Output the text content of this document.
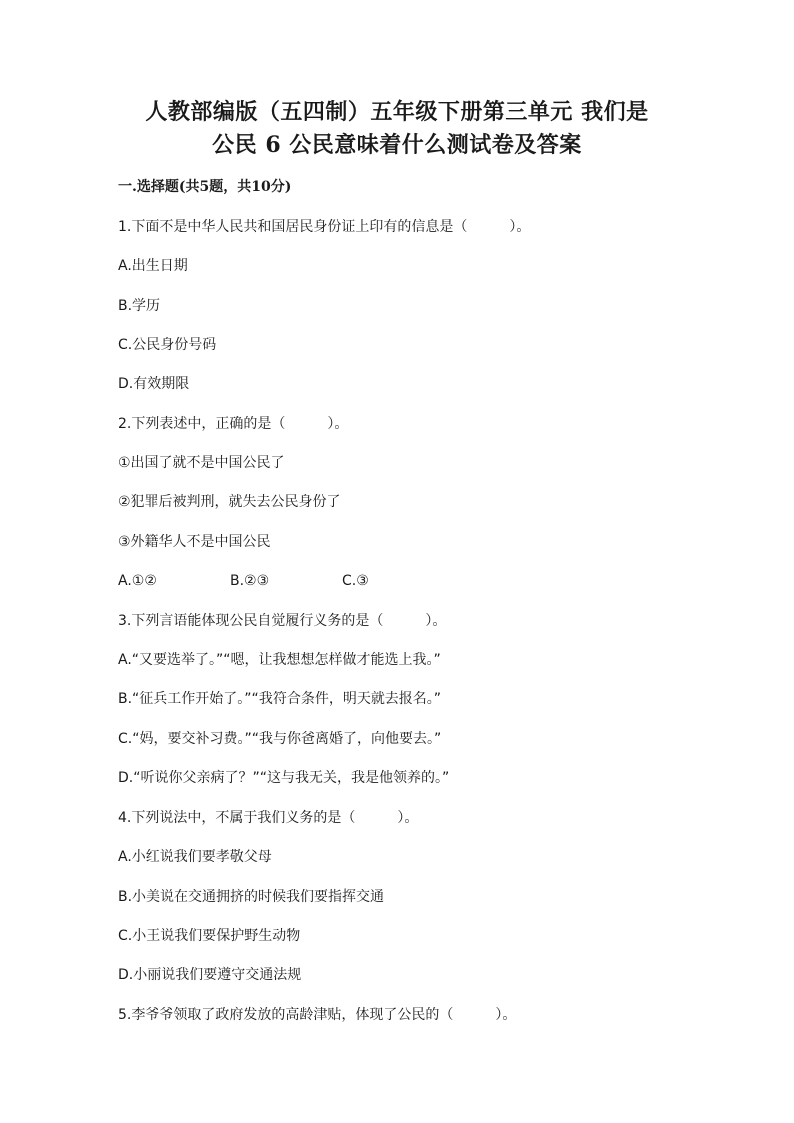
人教部编版（五四制）五年级下册第三单元 我们是
公民 6 公民意味着什么测试卷及答案
一.选择题(共5题，共10分)
1.下面不是中华人民共和国居民身份证上印有的信息是（　　　）。
A.出生日期
B.学历
C.公民身份号码
D.有效期限
2.下列表述中，正确的是（　　　）。
①出国了就不是中国公民了
②犯罪后被判刑，就失去公民身份了
③外籍华人不是中国公民

A.①②

	B.②③

	C.③

3.下列言语能体现公民自觉履行义务的是（　　　）。
A.“又要选举了。”“嗯，让我想想怎样做才能选上我。”
B.“征兵工作开始了。”“我符合条件，明天就去报名。”
C.“妈，要交补习费。”“我与你爸离婚了，向他要去。”
D.“听说你父亲病了？”“这与我无关，我是他领养的。”
4.下列说法中，不属于我们义务的是（　　　）。
A.小红说我们要孝敬父母
B.小美说在交通拥挤的时候我们要指挥交通
C.小王说我们要保护野生动物
D.小丽说我们要遵守交通法规
5.李爷爷领取了政府发放的高龄津贴，体现了公民的（　　　）。
